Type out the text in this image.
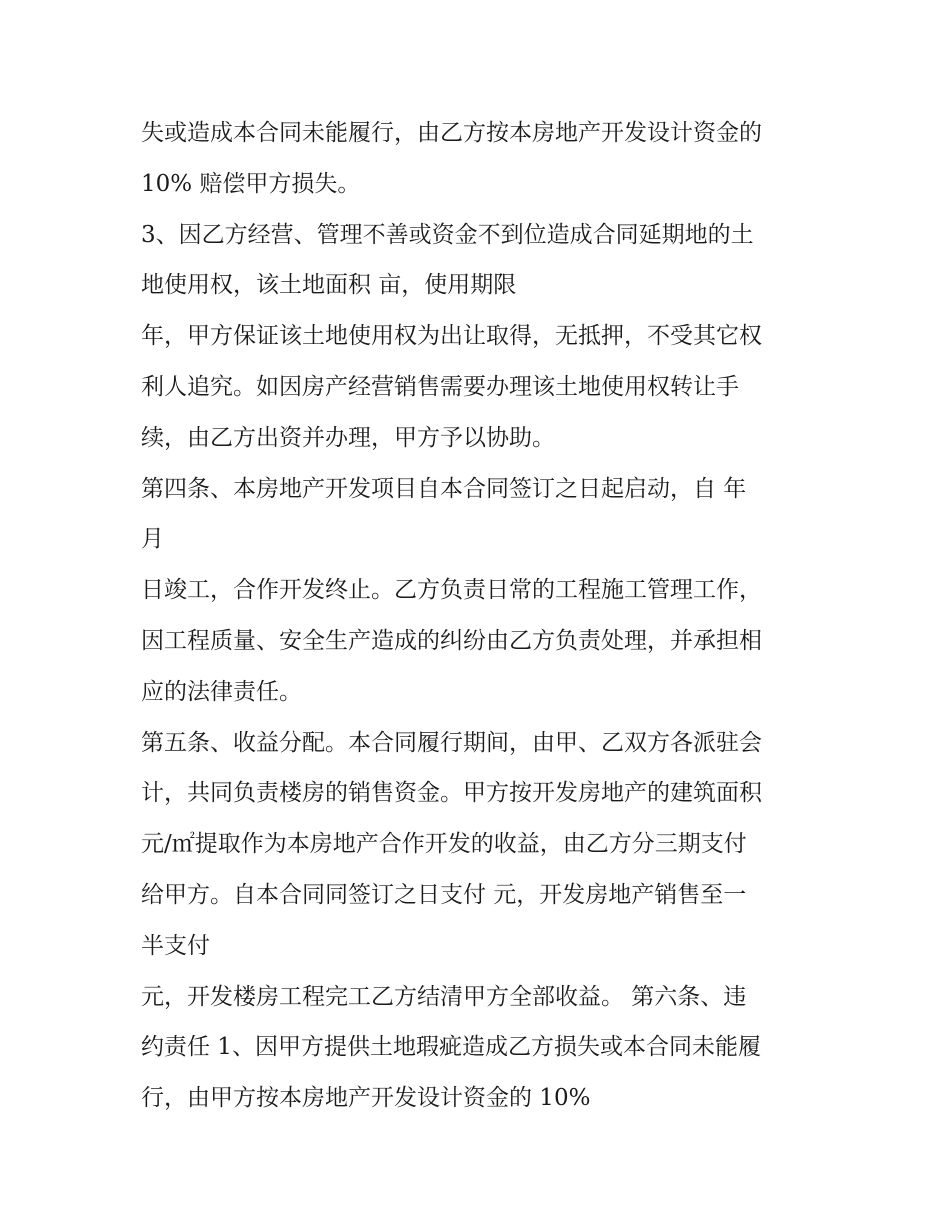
失或造成本合同未能履行，由乙方按本房地产开发设计资金的
10% 赔偿甲方损失。
3、因乙方经营、管理不善或资金不到位造成合同延期地的土
地使用权，该土地面积 亩，使用期限
年，甲方保证该土地使用权为出让取得，无抵押，不受其它权
利人追究。如因房产经营销售需要办理该土地使用权转让手
续，由乙方出资并办理，甲方予以协助。
第四条、本房地产开发项目自本合同签订之日起启动，自 年
月
日竣工，合作开发终止。乙方负责日常的工程施工管理工作，
因工程质量、安全生产造成的纠纷由乙方负责处理，并承担相
应的法律责任。
第五条、收益分配。本合同履行期间，由甲、乙双方各派驻会
计，共同负责楼房的销售资金。甲方按开发房地产的建筑面积
元/㎡提取作为本房地产合作开发的收益，由乙方分三期支付
给甲方。自本合同同签订之日支付 元，开发房地产销售至一
半支付
元，开发楼房工程完工乙方结清甲方全部收益。 第六条、违
约责任 1、因甲方提供土地瑕疵造成乙方损失或本合同未能履
行，由甲方按本房地产开发设计资金的 10%
